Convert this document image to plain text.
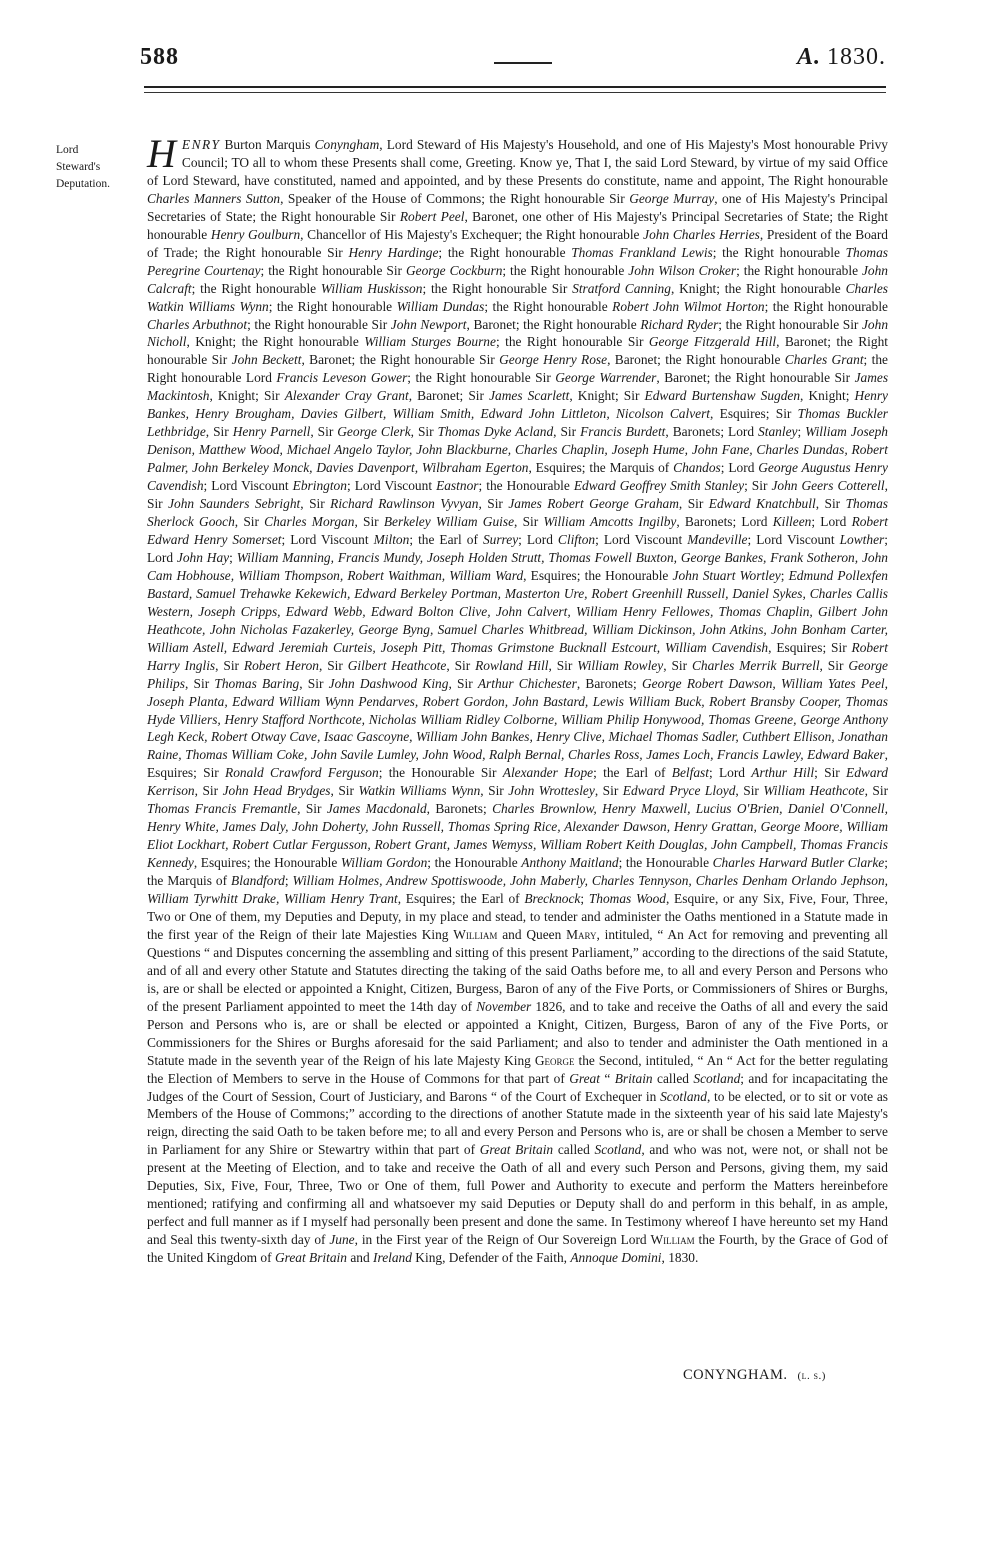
588	A. 1830.
Lord
Steward's
Deputation.
HENRY Burton Marquis Conyngham, Lord Steward of His Majesty's Household, and one of His Majesty's Most honourable Privy Council; TO all to whom these Presents shall come, Greeting. Know ye, That I, the said Lord Steward, by virtue of my said Office of Lord Steward, have constituted, named and appointed, and by these Presents do constitute, name and appoint, The Right honourable Charles Manners Sutton, Speaker of the House of Commons; the Right honourable Sir George Murray, one of His Majesty's Principal Secretaries of State; the Right honourable Sir Robert Peel, Baronet, one other of His Majesty's Principal Secretaries of State; the Right honourable Henry Goulburn, Chancellor of His Majesty's Exchequer; the Right honourable John Charles Herries, President of the Board of Trade; the Right honourable Sir Henry Hardinge; the Right honourable Thomas Frankland Lewis; the Right honourable Thomas Peregrine Courtenay; the Right honourable Sir George Cockburn; the Right honourable John Wilson Croker; the Right honourable John Calcraft; the Right honourable William Huskisson; the Right honourable Sir Stratford Canning, Knight; the Right honourable Charles Watkin Williams Wynn; the Right honourable William Dundas; the Right honourable Robert John Wilmot Horton; the Right honourable Charles Arbuthnot; the Right honourable Sir John Newport, Baronet; the Right honourable Richard Ryder; the Right honourable Sir John Nicholl, Knight; the Right honourable William Sturges Bourne; the Right honourable Sir George Fitzgerald Hill, Baronet; the Right honourable Sir John Beckett, Baronet; the Right honourable Sir George Henry Rose, Baronet; the Right honourable Charles Grant; the Right honourable Lord Francis Leveson Gower; the Right honourable Sir George Warrender, Baronet; the Right honourable Sir James Mackintosh, Knight; Sir Alexander Cray Grant, Baronet; Sir James Scarlett, Knight; Sir Edward Burtenshaw Sugden, Knight; Henry Bankes, Henry Brougham, Davies Gilbert, William Smith, Edward John Littleton, Nicolson Calvert, Esquires; Sir Thomas Buckler Lethbridge, Sir Henry Parnell, Sir George Clerk, Sir Thomas Dyke Acland, Sir Francis Burdett, Baronets; Lord Stanley; William Joseph Denison, Matthew Wood, Michael Angelo Taylor, John Blackburne, Charles Chaplin, Joseph Hume, John Fane, Charles Dundas, Robert Palmer, John Berkeley Monck, Davies Davenport, Wilbraham Egerton, Esquires; the Marquis of Chandos; Lord George Augustus Henry Cavendish; Lord Viscount Ebrington; Lord Viscount Eastnor; the Honourable Edward Geoffrey Smith Stanley; Sir John Geers Cotterell, Sir John Saunders Sebright, Sir Richard Rawlinson Vyvyan, Sir James Robert George Graham, Sir Edward Knatchbull, Sir Thomas Sherlock Gooch, Sir Charles Morgan, Sir Berkeley William Guise, Sir William Amcotts Ingilby, Baronets; Lord Killeen; Lord Robert Edward Henry Somerset; Lord Viscount Milton; the Earl of Surrey; Lord Clifton; Lord Viscount Mandeville; Lord Viscount Lowther; Lord John Hay; William Manning, Francis Mundy, Joseph Holden Strutt, Thomas Fowell Buxton, George Bankes, Frank Sotheron, John Cam Hobhouse, William Thompson, Robert Waithman, William Ward, Esquires; the Honourable John Stuart Wortley; Edmund Pollexfen Bastard, Samuel Trehawke Kekewich, Edward Berkeley Portman, Masterton Ure, Robert Greenhill Russell, Daniel Sykes, Charles Callis Western, Joseph Cripps, Edward Webb, Edward Bolton Clive, John Calvert, William Henry Fellowes, Thomas Chaplin, Gilbert John Heathcote, John Nicholas Fazakerley, George Byng, Samuel Charles Whitbread, William Dickinson, John Atkins, John Bonham Carter, William Astell, Edward Jeremiah Curteis, Joseph Pitt, Thomas Grimstone Bucknall Estcourt, William Cavendish, Esquires; Sir Robert Harry Inglis, Sir Robert Heron, Sir Gilbert Heathcote, Sir Rowland Hill, Sir William Rowley, Sir Charles Merrik Burrell, Sir George Philips, Sir Thomas Baring, Sir John Dashwood King, Sir Arthur Chichester, Baronets; George Robert Dawson, William Yates Peel, Joseph Planta, Edward William Wynn Pendarves, Robert Gordon, John Bastard, Lewis William Buck, Robert Bransby Cooper, Thomas Hyde Villiers, Henry Stafford Northcote, Nicholas William Ridley Colborne, William Philip Honywood, Thomas Greene, George Anthony Legh Keck, Robert Otway Cave, Isaac Gascoyne, William John Bankes, Henry Clive, Michael Thomas Sadler, Cuthbert Ellison, Jonathan Raine, Thomas William Coke, John Savile Lumley, John Wood, Ralph Bernal, Charles Ross, James Loch, Francis Lawley, Edward Baker, Esquires; Sir Ronald Crawford Ferguson; the Honourable Sir Alexander Hope; the Earl of Belfast; Lord Arthur Hill; Sir Edward Kerrison, Sir John Head Brydges, Sir Watkin Williams Wynn, Sir John Wrottesley, Sir Edward Pryce Lloyd, Sir William Heathcote, Sir Thomas Francis Fremantle, Sir James Macdonald, Baronets; Charles Brownlow, Henry Maxwell, Lucius O'Brien, Daniel O'Connell, Henry White, James Daly, John Doherty, John Russell, Thomas Spring Rice, Alexander Dawson, Henry Grattan, George Moore, William Eliot Lockhart, Robert Cutlar Fergusson, Robert Grant, James Wemyss, William Robert Keith Douglas, John Campbell, Thomas Francis Kennedy, Esquires; the Honourable William Gordon; the Honourable Anthony Maitland; the Honourable Charles Harward Butler Clarke; the Marquis of Blandford; William Holmes, Andrew Spottiswoode, John Maberly, Charles Tennyson, Charles Denham Orlando Jephson, William Tyrwhitt Drake, William Henry Trant, Esquires; the Earl of Brecknock; Thomas Wood, Esquire, or any Six, Five, Four, Three, Two or One of them, my Deputies and Deputy, in my place and stead, to tender and administer the Oaths mentioned in a Statute made in the first year of the Reign of their late Majesties King William and Queen Mary, intituled, “ An Act for removing and preventing all Questions “ and Disputes concerning the assembling and sitting of this present Parliament,” according to the directions of the said Statute, and of all and every other Statute and Statutes directing the taking of the said Oaths before me, to all and every Person and Persons who is, are or shall be elected or appointed a Knight, Citizen, Burgess, Baron of any of the Five Ports, or Commissioners of Shires or Burghs, of the present Parliament appointed to meet the 14th day of November 1826, and to take and receive the Oaths of all and every the said Person and Persons who is, are or shall be elected or appointed a Knight, Citizen, Burgess, Baron of any of the Five Ports, or Commissioners for the Shires or Burghs aforesaid for the said Parliament; and also to tender and administer the Oath mentioned in a Statute made in the seventh year of the Reign of his late Majesty King George the Second, intituled, “ An “ Act for the better regulating the Election of Members to serve in the House of Commons for that part of Great “ Britain called Scotland; and for incapacitating the Judges of the Court of Session, Court of Justiciary, and Barons “ of the Court of Exchequer in Scotland, to be elected, or to sit or vote as Members of the House of Commons;” according to the directions of another Statute made in the sixteenth year of his said late Majesty's reign, directing the said Oath to be taken before me; to all and every Person and Persons who is, are or shall be chosen a Member to serve in Parliament for any Shire or Stewartry within that part of Great Britain called Scotland, and who was not, were not, or shall not be present at the Meeting of Election, and to take and receive the Oath of all and every such Person and Persons, giving them, my said Deputies, Six, Five, Four, Three, Two or One of them, full Power and Authority to execute and perform the Matters hereinbefore mentioned; ratifying and confirming all and whatsoever my said Deputies or Deputy shall do and perform in this behalf, in as ample, perfect and full manner as if I myself had personally been present and done the same. In Testimony whereof I have hereunto set my Hand and Seal this twenty-sixth day of June, in the First year of the Reign of Our Sovereign Lord William the Fourth, by the Grace of God of the United Kingdom of Great Britain and Ireland King, Defender of the Faith, Annoque Domini, 1830.
CONYNGHAM. (l. s.)
